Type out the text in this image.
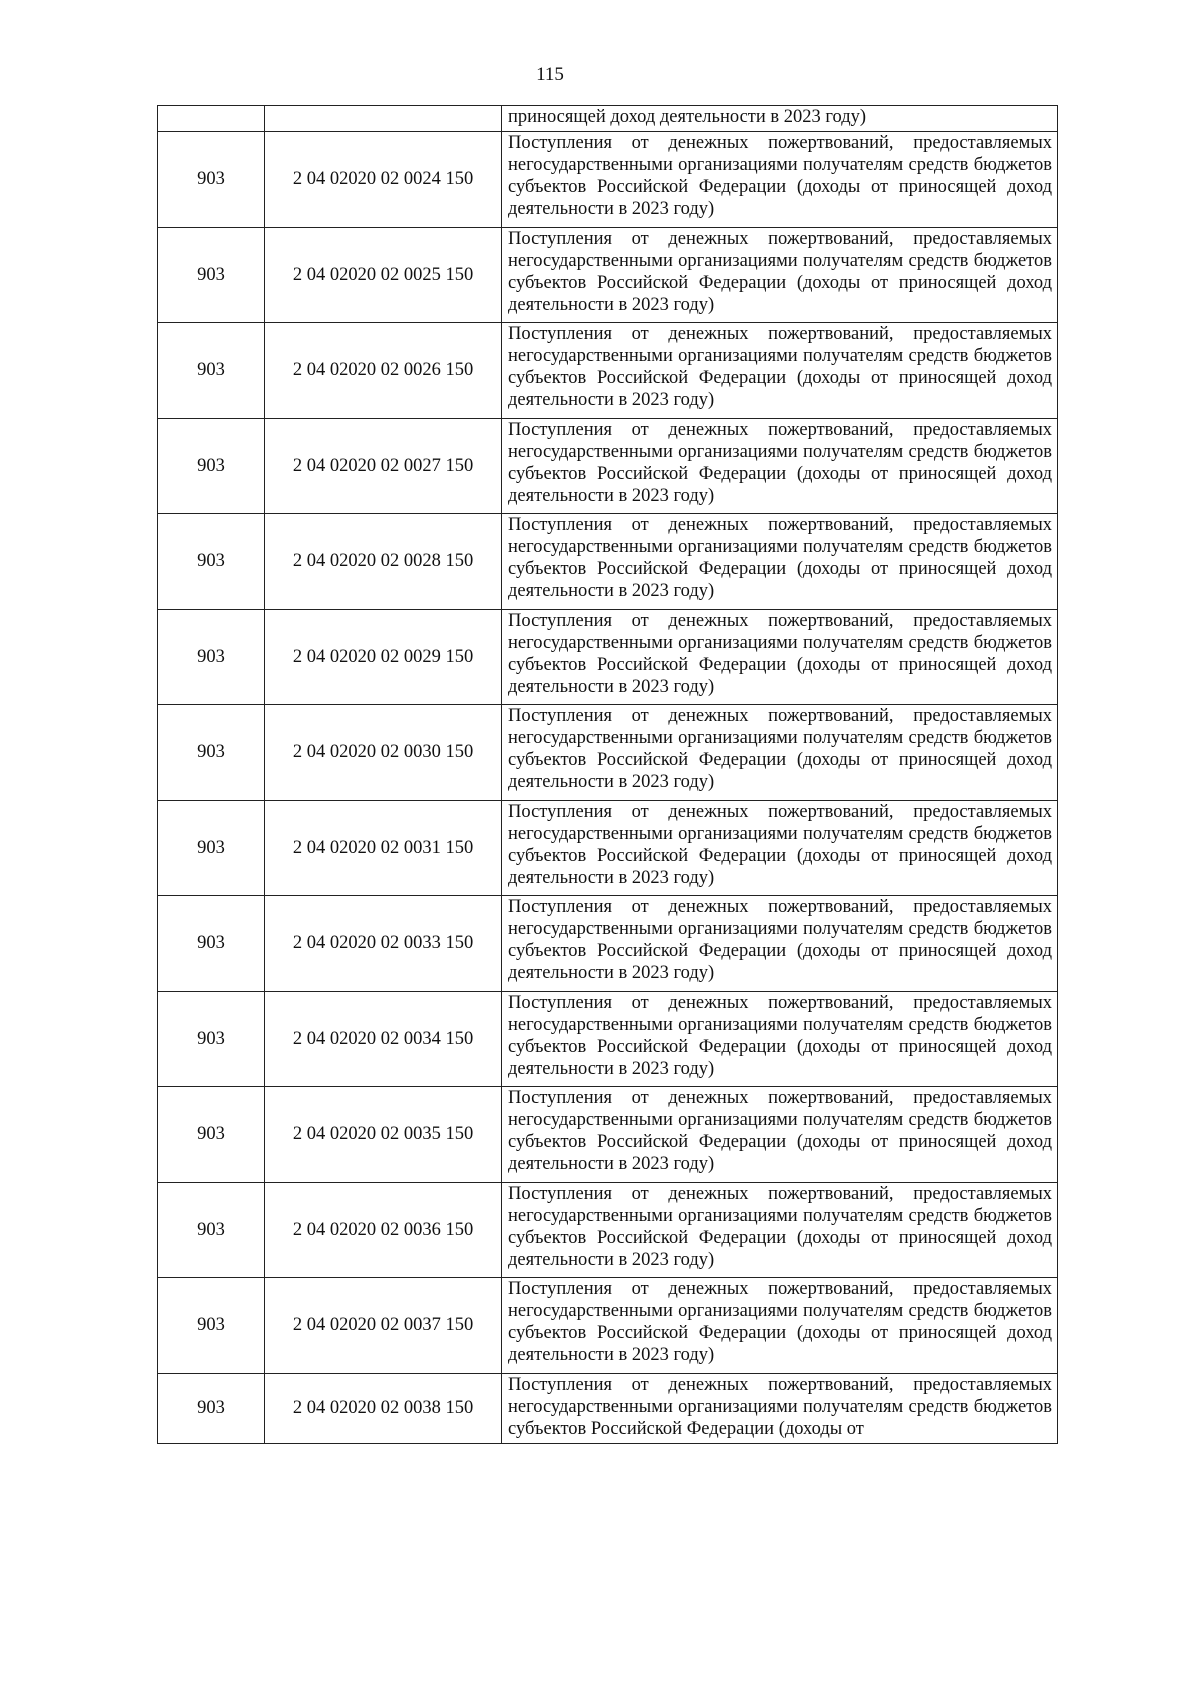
115
		приносящей доход деятельности в 2023 году)
903	2 04 02020 02 0024 150	Поступления от денежных пожертвований, предоставляемых негосударственными организациями получателям средств бюджетов субъектов Российской Федерации (доходы от приносящей доход деятельности в 2023 году)
903	2 04 02020 02 0025 150	Поступления от денежных пожертвований, предоставляемых негосударственными организациями получателям средств бюджетов субъектов Российской Федерации (доходы от приносящей доход деятельности в 2023 году)
903	2 04 02020 02 0026 150	Поступления от денежных пожертвований, предоставляемых негосударственными организациями получателям средств бюджетов субъектов Российской Федерации (доходы от приносящей доход деятельности в 2023 году)
903	2 04 02020 02 0027 150	Поступления от денежных пожертвований, предоставляемых негосударственными организациями получателям средств бюджетов субъектов Российской Федерации (доходы от приносящей доход деятельности в 2023 году)
903	2 04 02020 02 0028 150	Поступления от денежных пожертвований, предоставляемых негосударственными организациями получателям средств бюджетов субъектов Российской Федерации (доходы от приносящей доход деятельности в 2023 году)
903	2 04 02020 02 0029 150	Поступления от денежных пожертвований, предоставляемых негосударственными организациями получателям средств бюджетов субъектов Российской Федерации (доходы от приносящей доход деятельности в 2023 году)
903	2 04 02020 02 0030 150	Поступления от денежных пожертвований, предоставляемых негосударственными организациями получателям средств бюджетов субъектов Российской Федерации (доходы от приносящей доход деятельности в 2023 году)
903	2 04 02020 02 0031 150	Поступления от денежных пожертвований, предоставляемых негосударственными организациями получателям средств бюджетов субъектов Российской Федерации (доходы от приносящей доход деятельности в 2023 году)
903	2 04 02020 02 0033 150	Поступления от денежных пожертвований, предоставляемых негосударственными организациями получателям средств бюджетов субъектов Российской Федерации (доходы от приносящей доход деятельности в 2023 году)
903	2 04 02020 02 0034 150	Поступления от денежных пожертвований, предоставляемых негосударственными организациями получателям средств бюджетов субъектов Российской Федерации (доходы от приносящей доход деятельности в 2023 году)
903	2 04 02020 02 0035 150	Поступления от денежных пожертвований, предоставляемых негосударственными организациями получателям средств бюджетов субъектов Российской Федерации (доходы от приносящей доход деятельности в 2023 году)
903	2 04 02020 02 0036 150	Поступления от денежных пожертвований, предоставляемых негосударственными организациями получателям средств бюджетов субъектов Российской Федерации (доходы от приносящей доход деятельности в 2023 году)
903	2 04 02020 02 0037 150	Поступления от денежных пожертвований, предоставляемых негосударственными организациями получателям средств бюджетов субъектов Российской Федерации (доходы от приносящей доход деятельности в 2023 году)
903	2 04 02020 02 0038 150	Поступления от денежных пожертвований, предоставляемых негосударственными организациями получателям средств бюджетов субъектов Российской Федерации (доходы от
